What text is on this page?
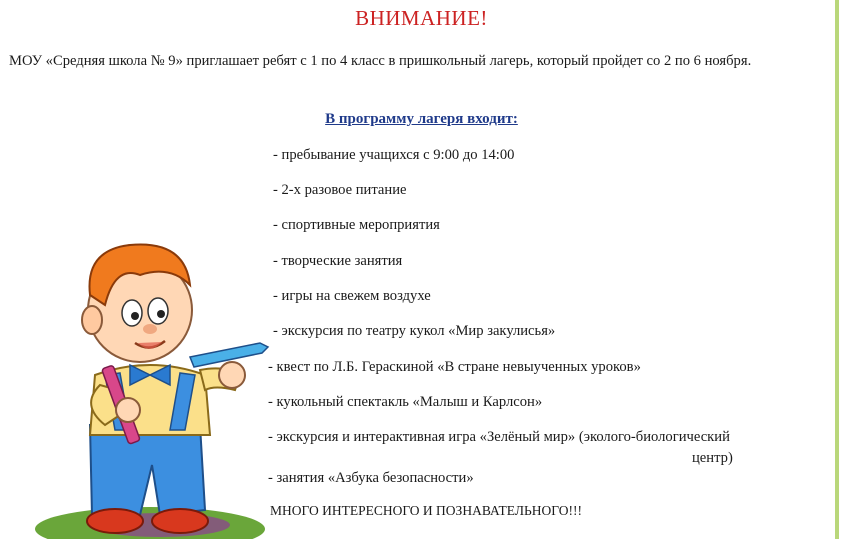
ВНИМАНИЕ!
МОУ «Средняя школа № 9» приглашает ребят с 1 по 4 класс в пришкольный лагерь, который пройдет со 2 по 6 ноября.
В программу лагеря входит:
- пребывание учащихся с 9:00 до 14:00
- 2-х разовое питание
- спортивные мероприятия
- творческие занятия
- игры на свежем воздухе
- экскурсия по театру кукол «Мир закулисья»
- квест по Л.Б. Гераскиной «В стране невыученных уроков»
- кукольный спектакль «Малыш и Карлсон»
- экскурсия и интерактивная игра «Зелёный мир» (эколого-биологический
центр)
- занятия «Азбука безопасности»
МНОГО ИНТЕРЕСНОГО И ПОЗНАВАТЕЛЬНОГО!!!
